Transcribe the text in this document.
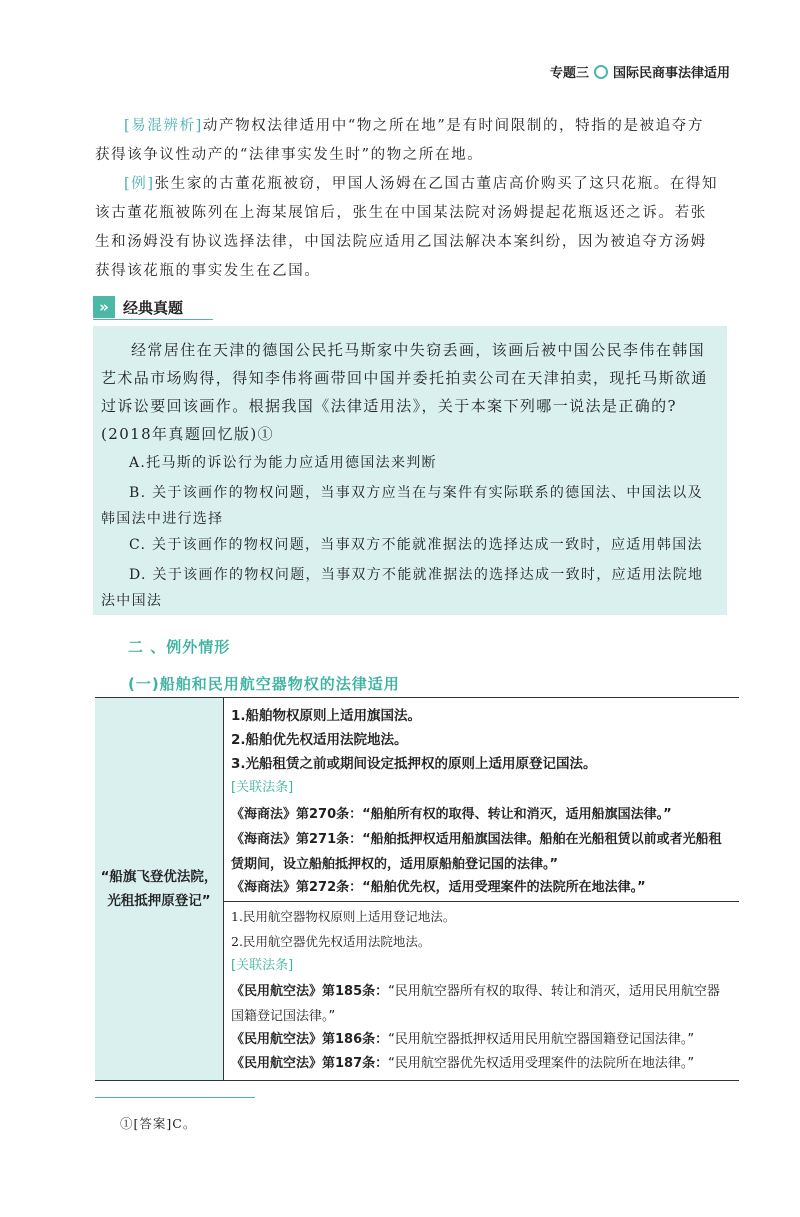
专题三 国际民商事法律适用

[易混辨析]动产物权法律适用中“物之所在地”是有时间限制的，特指的是被追夺方获得该争议性动产的“法律事实发生时”的物之所在地。

[例]张生家的古董花瓶被窃，甲国人汤姆在乙国古董店高价购买了这只花瓶。在得知该古董花瓶被陈列在上海某展馆后，张生在中国某法院对汤姆提起花瓶返还之诉。若张生和汤姆没有协议选择法律，中国法院应适用乙国法解决本案纠纷，因为被追夺方汤姆获得该花瓶的事实发生在乙国。

» 经典真题

经常居住在天津的德国公民托马斯家中失窃丢画，该画后被中国公民李伟在韩国艺术品市场购得，得知李伟将画带回中国并委托拍卖公司在天津拍卖，现托马斯欲通过诉讼要回该画作。根据我国《法律适用法》，关于本案下列哪一说法是正确的?(2018年真题回忆版)①

A.托马斯的诉讼行为能力应适用德国法来判断

B. 关于该画作的物权问题，当事双方应当在与案件有实际联系的德国法、中国法以及韩国法中进行选择

C. 关于该画作的物权问题，当事双方不能就准据法的选择达成一致时，应适用韩国法

D. 关于该画作的物权问题，当事双方不能就准据法的选择达成一致时，应适用法院地法中国法

二 、例外情形
(一)船舶和民用航空器物权的法律适用
“船旗飞登优法院，
光租抵押原登记”

1.船舶物权原则上适用旗国法。

2.船舶优先权适用法院地法。

3.光船租赁之前或期间设定抵押权的原则上适用原登记国法。

[关联法条]

《海商法》第270条：“船舶所有权的取得、转让和消灭，适用船旗国法律。”

《海商法》第271条：“船舶抵押权适用船旗国法律。船舶在光船租赁以前或者光船租赁期间，设立船舶抵押权的，适用原船舶登记国的法律。”

《海商法》第272条：“船舶优先权，适用受理案件的法院所在地法律。”

1.民用航空器物权原则上适用登记地法。

2.民用航空器优先权适用法院地法。

[关联法条]

《民用航空法》第185条：“民用航空器所有权的取得、转让和消灭，适用民用航空器国籍登记国法律。”

《民用航空法》第186条：“民用航空器抵押权适用民用航空器国籍登记国法律。”

《民用航空法》第187条：“民用航空器优先权适用受理案件的法院所在地法律。”

①[答案]C。
